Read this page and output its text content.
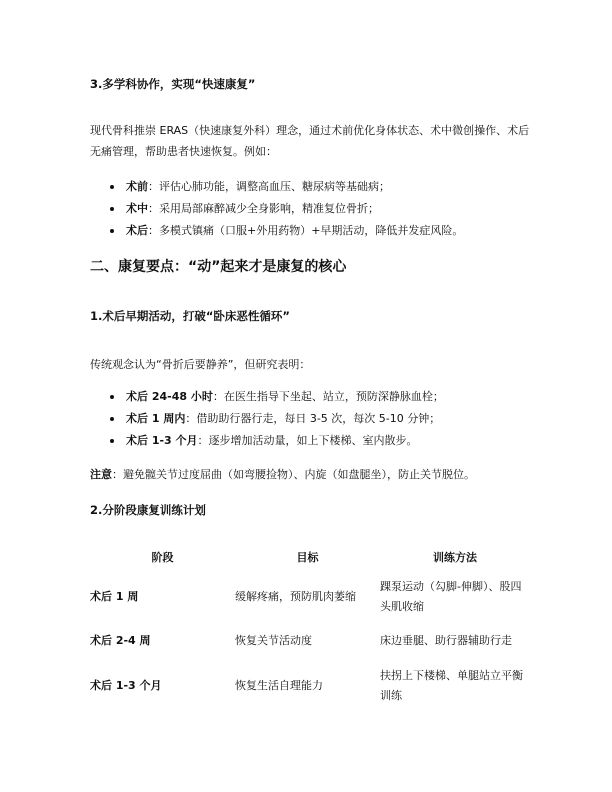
3.多学科协作，实现“快速康复”
现代骨科推崇 ERAS（快速康复外科）理念，通过术前优化身体状态、术中微创操作、术后无痛管理，帮助患者快速恢复。例如：
术前：评估心肺功能，调整高血压、糖尿病等基础病；
术中：采用局部麻醉减少全身影响，精准复位骨折；
术后：多模式镇痛（口服+外用药物）+早期活动，降低并发症风险。
二、康复要点：“动”起来才是康复的核心
1.术后早期活动，打破“卧床恶性循环”
传统观念认为“骨折后要静养”，但研究表明：
术后 24-48 小时：在医生指导下坐起、站立，预防深静脉血栓；
术后 1 周内：借助助行器行走，每日 3-5 次，每次 5-10 分钟；
术后 1-3 个月：逐步增加活动量，如上下楼梯、室内散步。
注意：避免髋关节过度屈曲（如弯腰捡物）、内旋（如盘腿坐），防止关节脱位。
2.分阶段康复训练计划
阶段	目标	训练方法
术后 1 周	缓解疼痛，预防肌肉萎缩	踝泵运动（勾脚-伸脚）、股四头肌收缩
术后 2-4 周	恢复关节活动度	床边垂腿、助行器辅助行走
术后 1-3 个月	恢复生活自理能力	扶拐上下楼梯、单腿站立平衡训练
